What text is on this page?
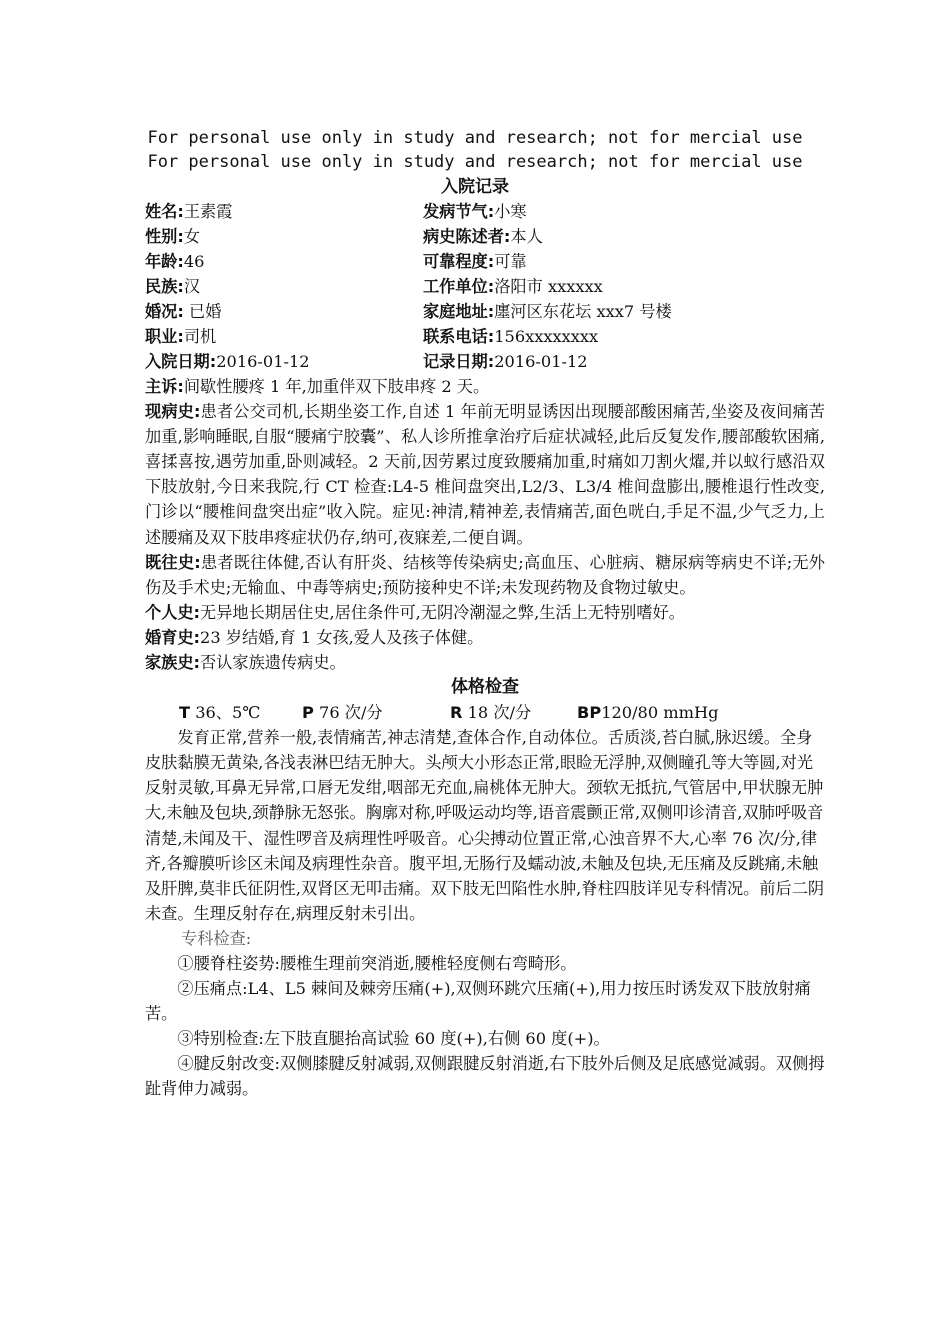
For personal use only in study and research; not for mercial use
For personal use only in study and research; not for mercial use
入院记录
姓名:王素霞	发病节气:小寒
性别:女	病史陈述者:本人
年龄:46	可靠程度:可靠
民族:汉	工作单位:洛阳市 xxxxxx
婚况: 已婚	家庭地址:廛河区东花坛 xxx7 号楼
职业:司机	联系电话:156xxxxxxxx
入院日期:2016-01-12	记录日期:2016-01-12

主诉:间歇性腰疼 1 年,加重伴双下肢串疼 2 天。

现病史:患者公交司机,长期坐姿工作,自述 1 年前无明显诱因出现腰部酸困痛苦,坐姿及夜间痛苦加重,影响睡眠,自服“腰痛宁胶囊”、私人诊所推拿治疗后症状减轻,此后反复发作,腰部酸软困痛,喜揉喜按,遇劳加重,卧则减轻。2 天前,因劳累过度致腰痛加重,时痛如刀割火燿,并以蚁行感沿双下肢放射,今日来我院,行 CT 检查:L4-5 椎间盘突出,L2/3、L3/4 椎间盘膨出,腰椎退行性改变,门诊以“腰椎间盘突出症”收入院。症见:神清,精神差,表情痛苦,面色咣白,手足不温,少气乏力,上述腰痛及双下肢串疼症状仍存,纳可,夜寐差,二便自调。

既往史:患者既往体健,否认有肝炎、结核等传染病史;高血压、心脏病、糖尿病等病史不详;无外伤及手术史;无输血、中毒等病史;预防接种史不详;未发现药物及食物过敏史。

个人史:无异地长期居住史,居住条件可,无阴冷潮湿之弊,生活上无特别嗜好。

婚育史:23 岁结婚,育 1 女孩,爱人及孩子体健。

家族史:否认家族遗传病史。

体格检查

T 36、5℃	P 76 次/分	R 18 次/分	BP120/80 mmHg

发育正常,营养一般,表情痛苦,神志清楚,查体合作,自动体位。舌质淡,苔白腻,脉迟缓。全身皮肤黏膜无黄染,各浅表淋巴结无肿大。头颅大小形态正常,眼睑无浮肿,双侧瞳孔等大等圆,对光反射灵敏,耳鼻无异常,口唇无发绀,咽部无充血,扁桃体无肿大。颈软无抵抗,气管居中,甲状腺无肿大,未触及包块,颈静脉无怒张。胸廓对称,呼吸运动均等,语音震颤正常,双侧叩诊清音,双肺呼吸音清楚,未闻及干、湿性啰音及病理性呼吸音。心尖搏动位置正常,心浊音界不大,心率 76 次/分,律齐,各瓣膜听诊区未闻及病理性杂音。腹平坦,无肠行及蠕动波,未触及包块,无压痛及反跳痛,未触及肝脾,莫非氏征阴性,双肾区无叩击痛。双下肢无凹陷性水肿,脊柱四肢详见专科情况。前后二阴未查。生理反射存在,病理反射未引出。

专科检查:

①腰脊柱姿势:腰椎生理前突消逝,腰椎轻度侧右弯畸形。

②压痛点:L4、L5 棘间及棘旁压痛(+),双侧环跳穴压痛(+),用力按压时诱发双下肢放射痛苦。

③特别检查:左下肢直腿抬高试验 60 度(+),右侧 60 度(+)。

④腱反射改变:双侧膝腱反射减弱,双侧跟腱反射消逝,右下肢外后侧及足底感觉减弱。双侧拇趾背伸力减弱。
